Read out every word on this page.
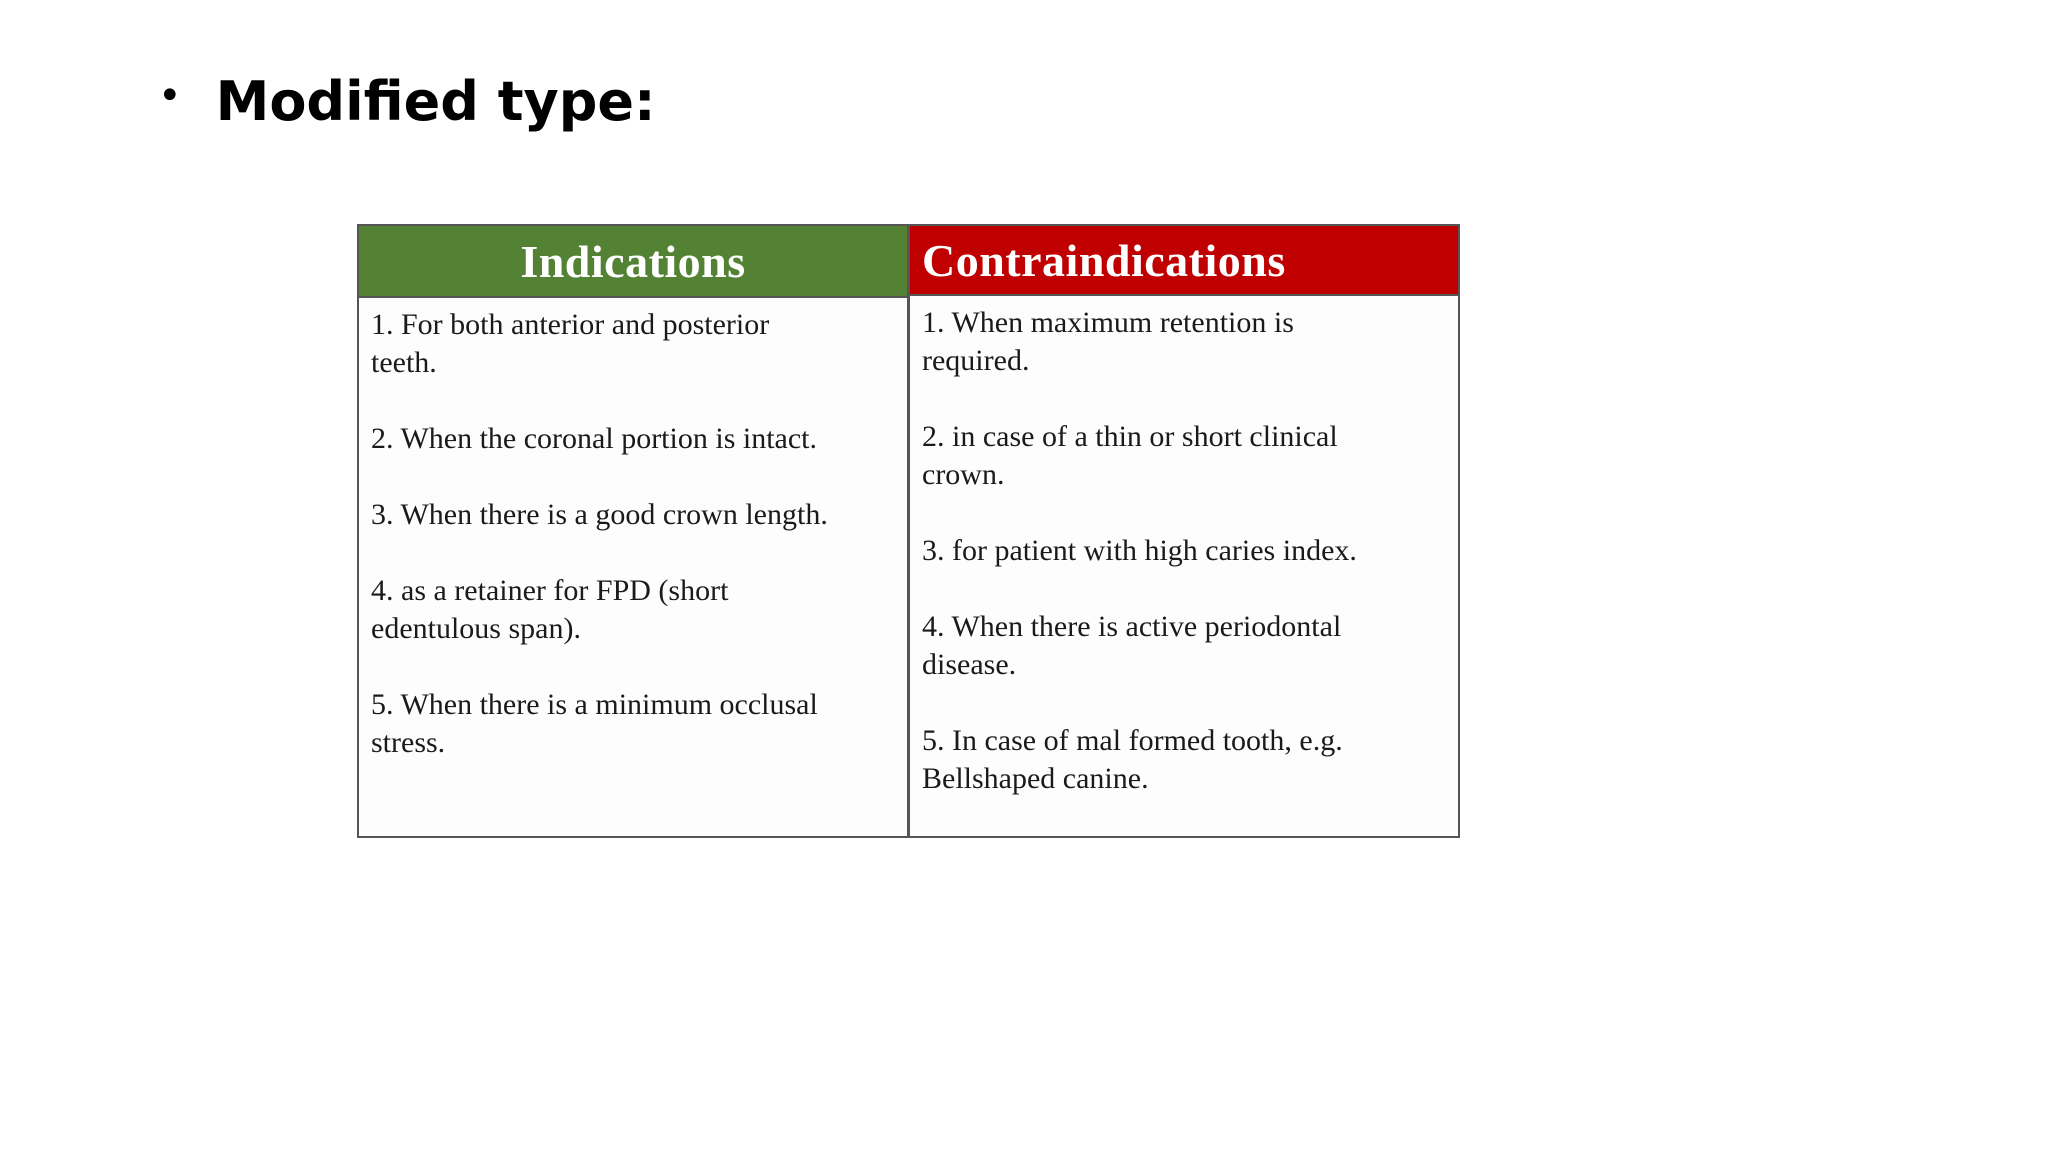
• Modified type:
Indications
1. For both anterior and posterior teeth.
2. When the coronal portion is intact.
3. When there is a good crown length.
4. as a retainer for FPD (short edentulous span).
5. When there is a minimum occlusal stress.
Contraindications
1. When maximum retention is required.
2. in case of a thin or short clinical crown.
3. for patient with high caries index.
4. When there is active periodontal disease.
5. In case of mal formed tooth, e.g. Bellshaped canine.
